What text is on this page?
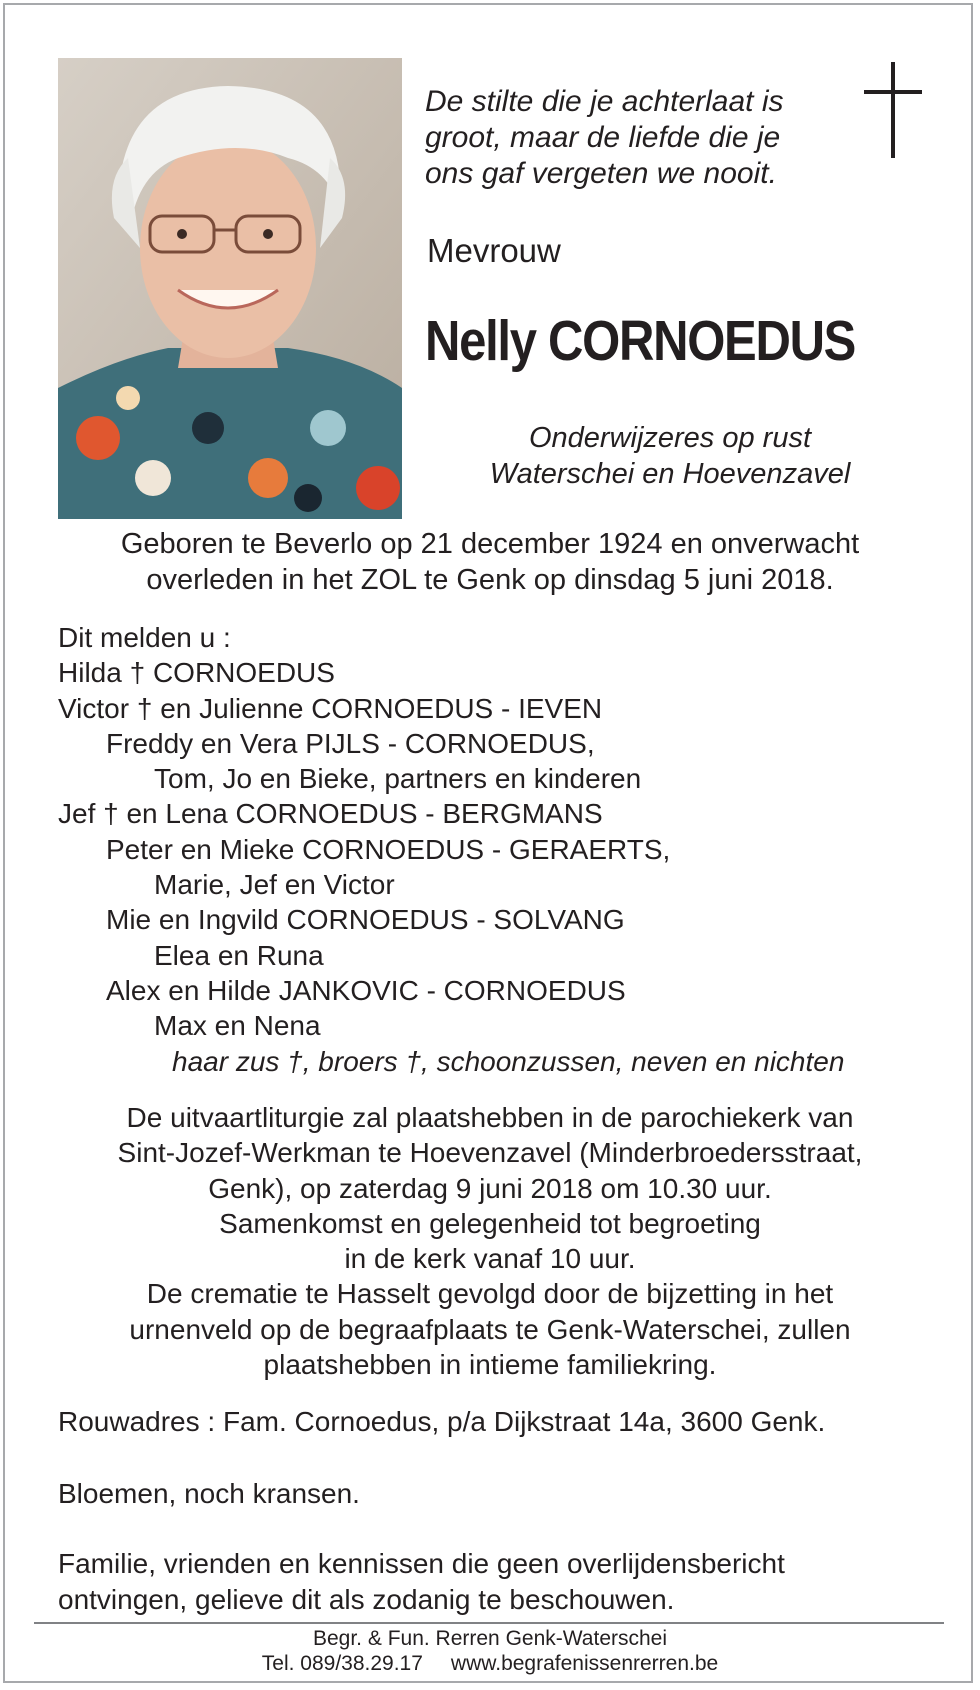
De stilte die je achterlaat is
groot, maar de liefde die je
ons gaf vergeten we nooit.
Mevrouw
Nelly CORNOEDUS
Onderwijzeres op rust
Waterschei en Hoevenzavel
Geboren te Beverlo op 21 december 1924 en onverwacht
overleden in het ZOL te Genk op dinsdag 5 juni 2018.
Dit melden u :
Hilda † CORNOEDUS
Victor † en Julienne CORNOEDUS - IEVEN
Freddy en Vera PIJLS - CORNOEDUS,
Tom, Jo en Bieke, partners en kinderen
Jef † en Lena CORNOEDUS - BERGMANS
Peter en Mieke CORNOEDUS - GERAERTS,
Marie, Jef en Victor
Mie en Ingvild CORNOEDUS - SOLVANG
Elea en Runa
Alex en Hilde JANKOVIC - CORNOEDUS
Max en Nena
haar zus †, broers †, schoonzussen, neven en nichten
De uitvaartliturgie zal plaatshebben in de parochiekerk van
Sint-Jozef-Werkman te Hoevenzavel (Minderbroedersstraat,
Genk), op zaterdag 9 juni 2018 om 10.30 uur.
Samenkomst en gelegenheid tot begroeting
in de kerk vanaf 10 uur.
De crematie te Hasselt gevolgd door de bijzetting in het
urnenveld op de begraafplaats te Genk-Waterschei, zullen
plaatshebben in intieme familiekring.
Rouwadres : Fam. Cornoedus, p/a Dijkstraat 14a, 3600 Genk.
Bloemen, noch kransen.
Familie, vrienden en kennissen die geen overlijdensbericht
ontvingen, gelieve dit als zodanig te beschouwen.
Begr. & Fun. Rerren Genk-Waterschei
Tel. 089/38.29.17 www.begrafenissenrerren.be
